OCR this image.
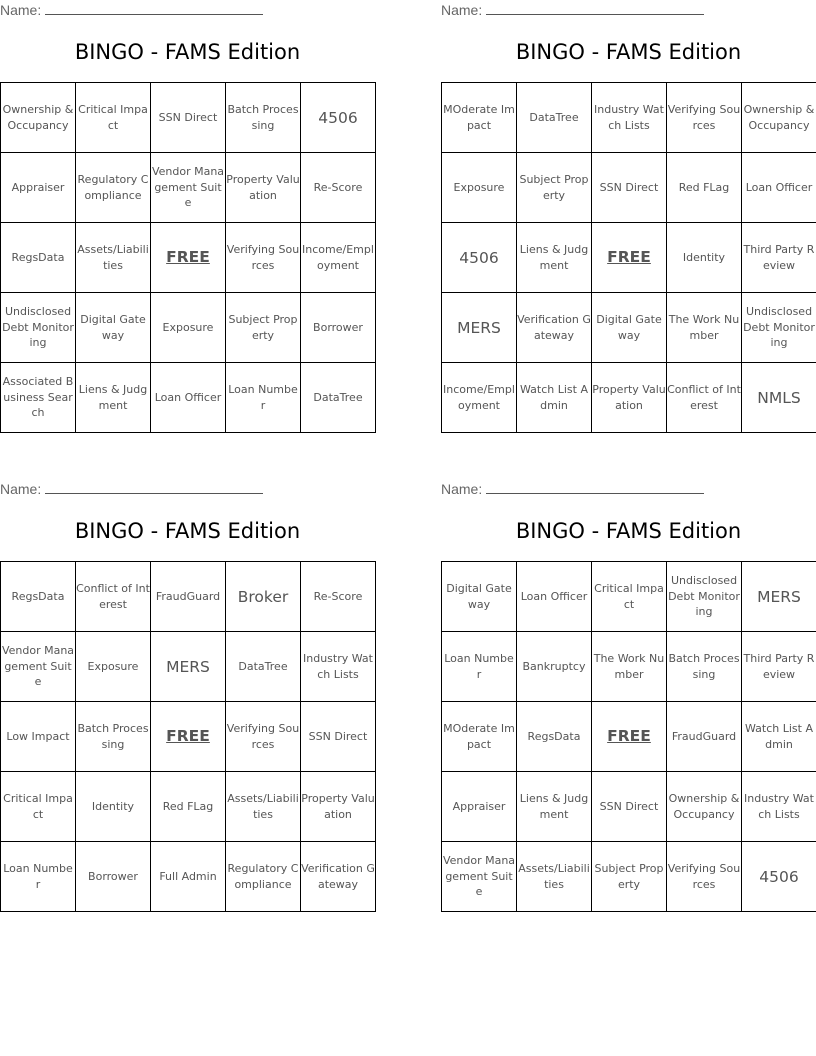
Name:
BINGO - FAMS Edition
Ownership & Occupancy	Critical Impact	SSN Direct	Batch Processing	4506
Appraiser	Regulatory Compliance	Vendor Management Suite	Property Valuation	Re-Score
RegsData	Assets/Liabilities	FREE	Verifying Sources	Income/Employment
Undisclosed Debt Monitoring	Digital Gateway	Exposure	Subject Property	Borrower
Associated Business Search	Liens & Judgment	Loan Officer	Loan Number	DataTree
Name:
BINGO - FAMS Edition
MOderate Impact	DataTree	Industry Watch Lists	Verifying Sources	Ownership & Occupancy
Exposure	Subject Property	SSN Direct	Red FLag	Loan Officer
4506	Liens & Judgment	FREE	Identity	Third Party Review
MERS	Verification Gateway	Digital Gateway	The Work Number	Undisclosed Debt Monitoring
Income/Employment	Watch List Admin	Property Valuation	Conflict of Interest	NMLS
Name:
BINGO - FAMS Edition
RegsData	Conflict of Interest	FraudGuard	Broker	Re-Score
Vendor Management Suite	Exposure	MERS	DataTree	Industry Watch Lists
Low Impact	Batch Processing	FREE	Verifying Sources	SSN Direct
Critical Impact	Identity	Red FLag	Assets/Liabilities	Property Valuation
Loan Number	Borrower	Full Admin	Regulatory Compliance	Verification Gateway
Name:
BINGO - FAMS Edition
Digital Gateway	Loan Officer	Critical Impact	Undisclosed Debt Monitoring	MERS
Loan Number	Bankruptcy	The Work Number	Batch Processing	Third Party Review
MOderate Impact	RegsData	FREE	FraudGuard	Watch List Admin
Appraiser	Liens & Judgment	SSN Direct	Ownership & Occupancy	Industry Watch Lists
Vendor Management Suite	Assets/Liabilities	Subject Property	Verifying Sources	4506
